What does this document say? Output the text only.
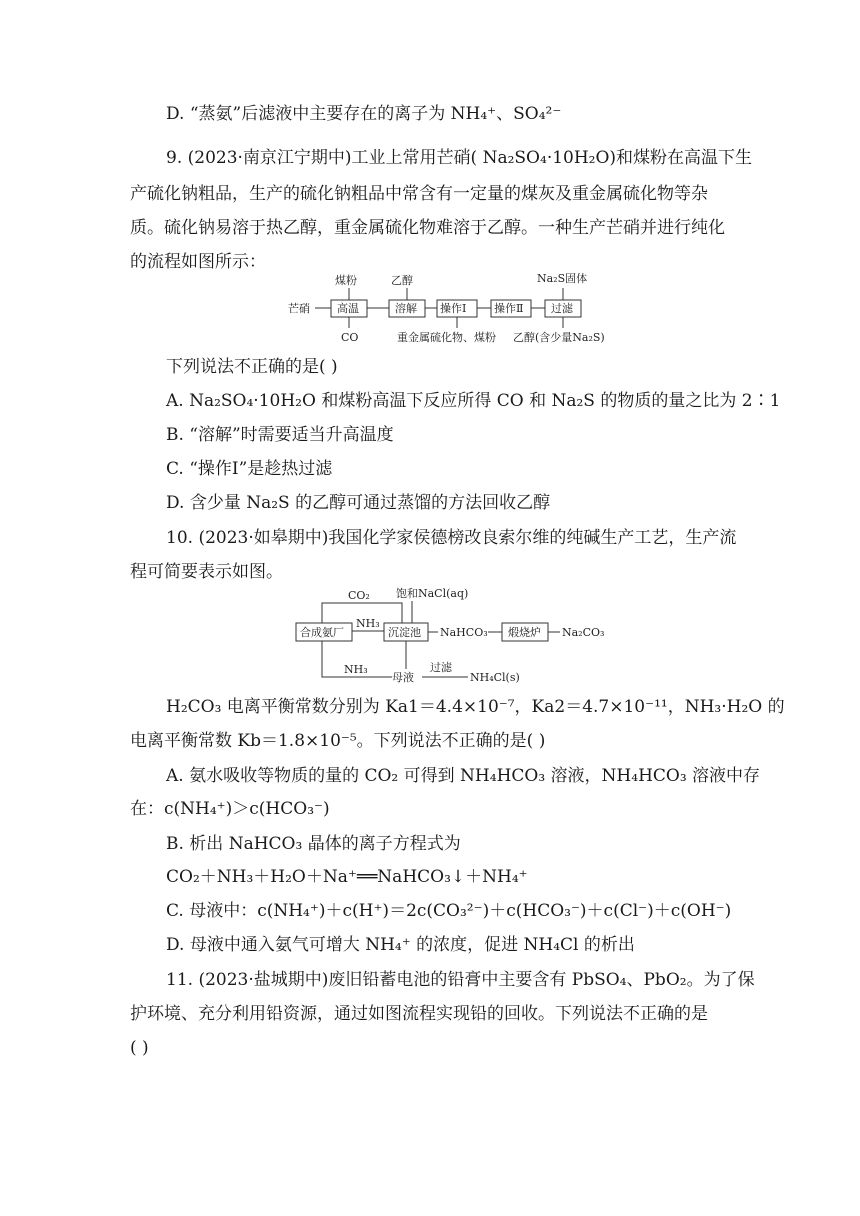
D. “蒸氨”后滤液中主要存在的离子为 NH₄⁺、SO₄²⁻
9. (2023·南京江宁期中)工业上常用芒硝( Na₂SO₄·10H₂O)和煤粉在高温下生
产硫化钠粗品，生产的硫化钠粗品中常含有一定量的煤灰及重金属硫化物等杂
质。硫化钠易溶于热乙醇，重金属硫化物难溶于乙醇。一种生产芒硝并进行纯化
的流程如图所示：
芒硝 高温
煤粉
CO
溶解
乙醇
操作Ⅰ
重金属硫化物、煤粉
操作Ⅱ	过滤
Na₂S固体
乙醇(含少量Na₂S)
下列说法不正确的是( )
A. Na₂SO₄·10H₂O 和煤粉高温下反应所得 CO 和 Na₂S 的物质的量之比为 2∶1
B. “溶解”时需要适当升高温度
C. “操作Ⅰ”是趁热过滤
D. 含少量 Na₂S 的乙醇可通过蒸馏的方法回收乙醇
10. (2023·如皋期中)我国化学家侯德榜改良索尔维的纯碱生产工艺，生产流
程可简要表示如图。
合成氨厂
CO₂
NH₃
沉淀池
饱和NaCl(aq)
NaHCO₃ 煅烧炉 Na₂CO₃
NH₃
母液
过滤
NH₄Cl(s)
H₂CO₃ 电离平衡常数分别为 Ka1＝4.4×10⁻⁷，Ka2＝4.7×10⁻¹¹，NH₃·H₂O 的
电离平衡常数 Kb＝1.8×10⁻⁵。下列说法不正确的是( )
A. 氨水吸收等物质的量的 CO₂ 可得到 NH₄HCO₃ 溶液，NH₄HCO₃ 溶液中存
在：c(NH₄⁺)＞c(HCO₃⁻)
B. 析出 NaHCO₃ 晶体的离子方程式为
CO₂＋NH₃＋H₂O＋Na⁺══NaHCO₃↓＋NH₄⁺
C. 母液中：c(NH₄⁺)＋c(H⁺)＝2c(CO₃²⁻)＋c(HCO₃⁻)＋c(Cl⁻)＋c(OH⁻)
D. 母液中通入氨气可增大 NH₄⁺ 的浓度，促进 NH₄Cl 的析出
11. (2023·盐城期中)废旧铅蓄电池的铅膏中主要含有 PbSO₄、PbO₂。为了保
护环境、充分利用铅资源，通过如图流程实现铅的回收。下列说法不正确的是
( )
